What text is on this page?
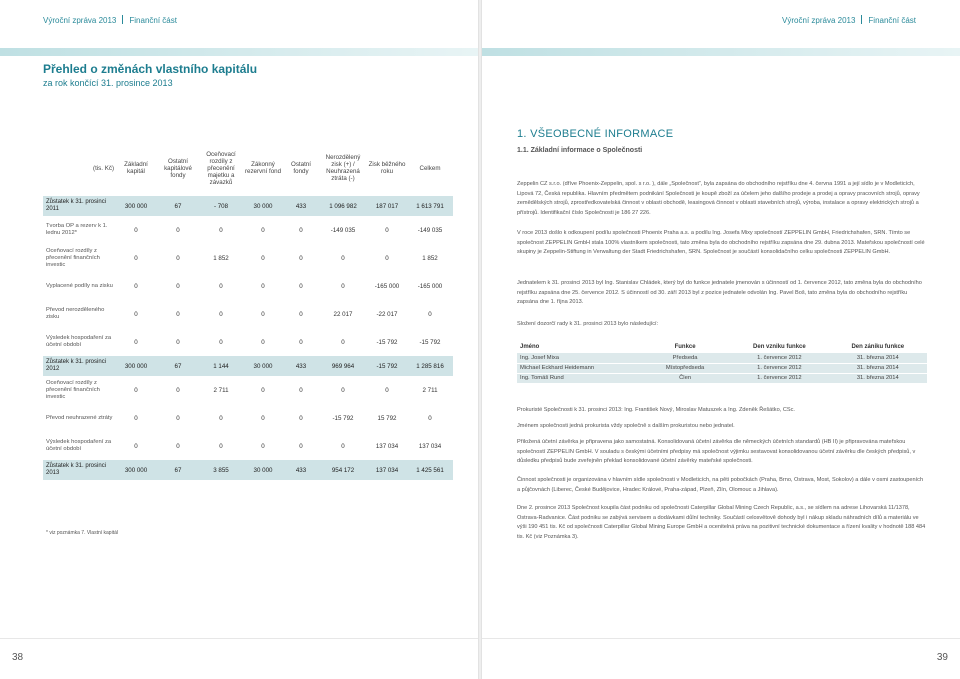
Výroční zpráva 2013 Finanční část
Přehled o změnách vlastního kapitálu
za rok končící 31. prosince 2013
(tis. Kč)	Základní kapitál	Ostatní kapitálové fondy	Oceňovací rozdíly z přecenění majetku a závazků	Zákonný rezervní fond	Ostatní fondy	Nerozdělený zisk (+) / Neuhrazená ztráta (-)	Zisk běžného roku	Celkem
Zůstatek k 31. prosinci 2011	300 000	67	- 708	30 000	433	1 096 982	187 017	1 613 791
Tvorba OP a rezerv k 1. lednu 2012*	0	0	0	0	0	-149 035	0	-149 035
Oceňovací rozdíly z přecenění finančních investic	0	0	1 852	0	0	0	0	1 852
Vyplacené podíly na zisku	0	0	0	0	0	0	-165 000	-165 000
Převod nerozděleného zisku	0	0	0	0	0	22 017	-22 017	0
Výsledek hospodaření za účetní období	0	0	0	0	0	0	-15 792	-15 792
Zůstatek k 31. prosinci 2012	300 000	67	1 144	30 000	433	969 964	-15 792	1 285 816
Oceňovací rozdíly z přecenění finančních investic	0	0	2 711	0	0	0	0	2 711
Převod neuhrazené ztráty	0	0	0	0	0	-15 792	15 792	0
Výsledek hospodaření za účetní období	0	0	0	0	0	0	137 034	137 034
Zůstatek k 31. prosinci 2013	300 000	67	3 855	30 000	433	954 172	137 034	1 425 561
* viz poznámka 7. Vlastní kapitál
38
Výroční zpráva 2013 Finanční část
1. VŠEOBECNÉ INFORMACE
1.1. Základní informace o Společnosti
Zeppelin CZ s.r.o. (dříve Phoenix-Zeppelin, spol. s r.o. ), dále „Společnost“, byla zapsána do obchodního rejstříku dne 4. června 1991 a její sídlo je v Modleticích, Lipová 72, Česká republika. Hlavním předmětem podnikání Společnosti je koupě zboží za účelem jeho dalšího prodeje a prodej a opravy pracovních strojů, opravy zemědělských strojů, zprostředkovatelská činnost v oblasti obchodě, leasingová činnost v oblasti stavebních strojů, výroba, instalace a opravy elektrických strojů a přístrojů. Identifikační číslo Společnosti je 186 27 226.
V roce 2013 došlo k odkoupení podílu společnosti Phoenix Praha a.s. a podílu Ing. Josefa Mixy společností ZEPPELIN GmbH, Friedrichshafen, SRN. Tímto se společnost ZEPPELIN GmbH stala 100% vlastníkem společnosti, tato změna byla do obchodního rejstříku zapsána dne 29. dubna 2013. Mateřskou společností celé skupiny je Zeppelin-Stiftung in Verwaltung der Stadt Friedrichshafen, SRN. Společnost je součástí konsolidačního celku společnosti ZEPPELIN GmbH.
Jednatelem k 31. prosinci 2013 byl Ing. Stanislav Chládek, který byl do funkce jednatele jmenován s účinností od 1. července 2012, tato změna byla do obchodního rejstříku zapsána dne 25. července 2012. S účinností od 30. září 2013 byl z pozice jednatele odvolán Ing. Pavel Boš, tato změna byla do obchodního rejstříku zapsána dne 1. října 2013.
Složení dozorčí rady k 31. prosinci 2013 bylo následující:
Jméno	Funkce	Den vzniku funkce	Den zániku funkce
Ing. Josef Mixa	Předseda	1. července 2012	31. března 2014
Michael Eckhard Heidemann	Místopředseda	1. července 2012	31. března 2014
Ing. Tomáš Rund	Člen	1. července 2012	31. března 2014
Prokuristé Společnosti k 31. prosinci 2013: Ing. František Nový, Miroslav Matuszek a Ing. Zdeněk Řešátko, CSc.
Jménem společnosti jedná prokurista vždy společně s dalším prokuristou nebo jednatel.
Přiložená účetní závěrka je připravena jako samostatná. Konsolidovaná účetní závěrka dle německých účetních standardů (HB II) je připravována mateřskou společností ZEPPELIN GmbH. V souladu s českými účetními předpisy má společnost výjimku sestavovat konsolidovanou účetní závěrku dle českých předpisů, v důsledku předpisů bude zveřejněn překlad konsolidované účetní závěrky mateřské společnosti.
Činnost společnosti je organizována v hlavním sídle společnosti v Modleticích, na pěti pobočkách (Praha, Brno, Ostrava, Most, Sokolov) a dále v osmi zastoupeních a půjčovnách (Liberec, České Budějovice, Hradec Králové, Praha-západ, Plzeň, Zlín, Olomouc a Jihlava).
Dne 2. prosince 2013 Společnost koupila část podniku od společnosti Caterpillar Global Mining Czech Republic, a.s., se sídlem na adrese Lihovarská 11/1378, Ostrava-Radvanice. Část podniku se zabývá servisem a dodávkami důlní techniky. Součástí celosvětově dohody byl i nákup skladu náhradních dílů a materiálu ve výši 190 451 tis. Kč od společnosti Caterpillar Global Mining Europe GmbH a ocenitelná práva na pozitivní technické dokumentace a řízení kvality v hodnotě 188 484 tis. Kč (viz Poznámka 3).
39
